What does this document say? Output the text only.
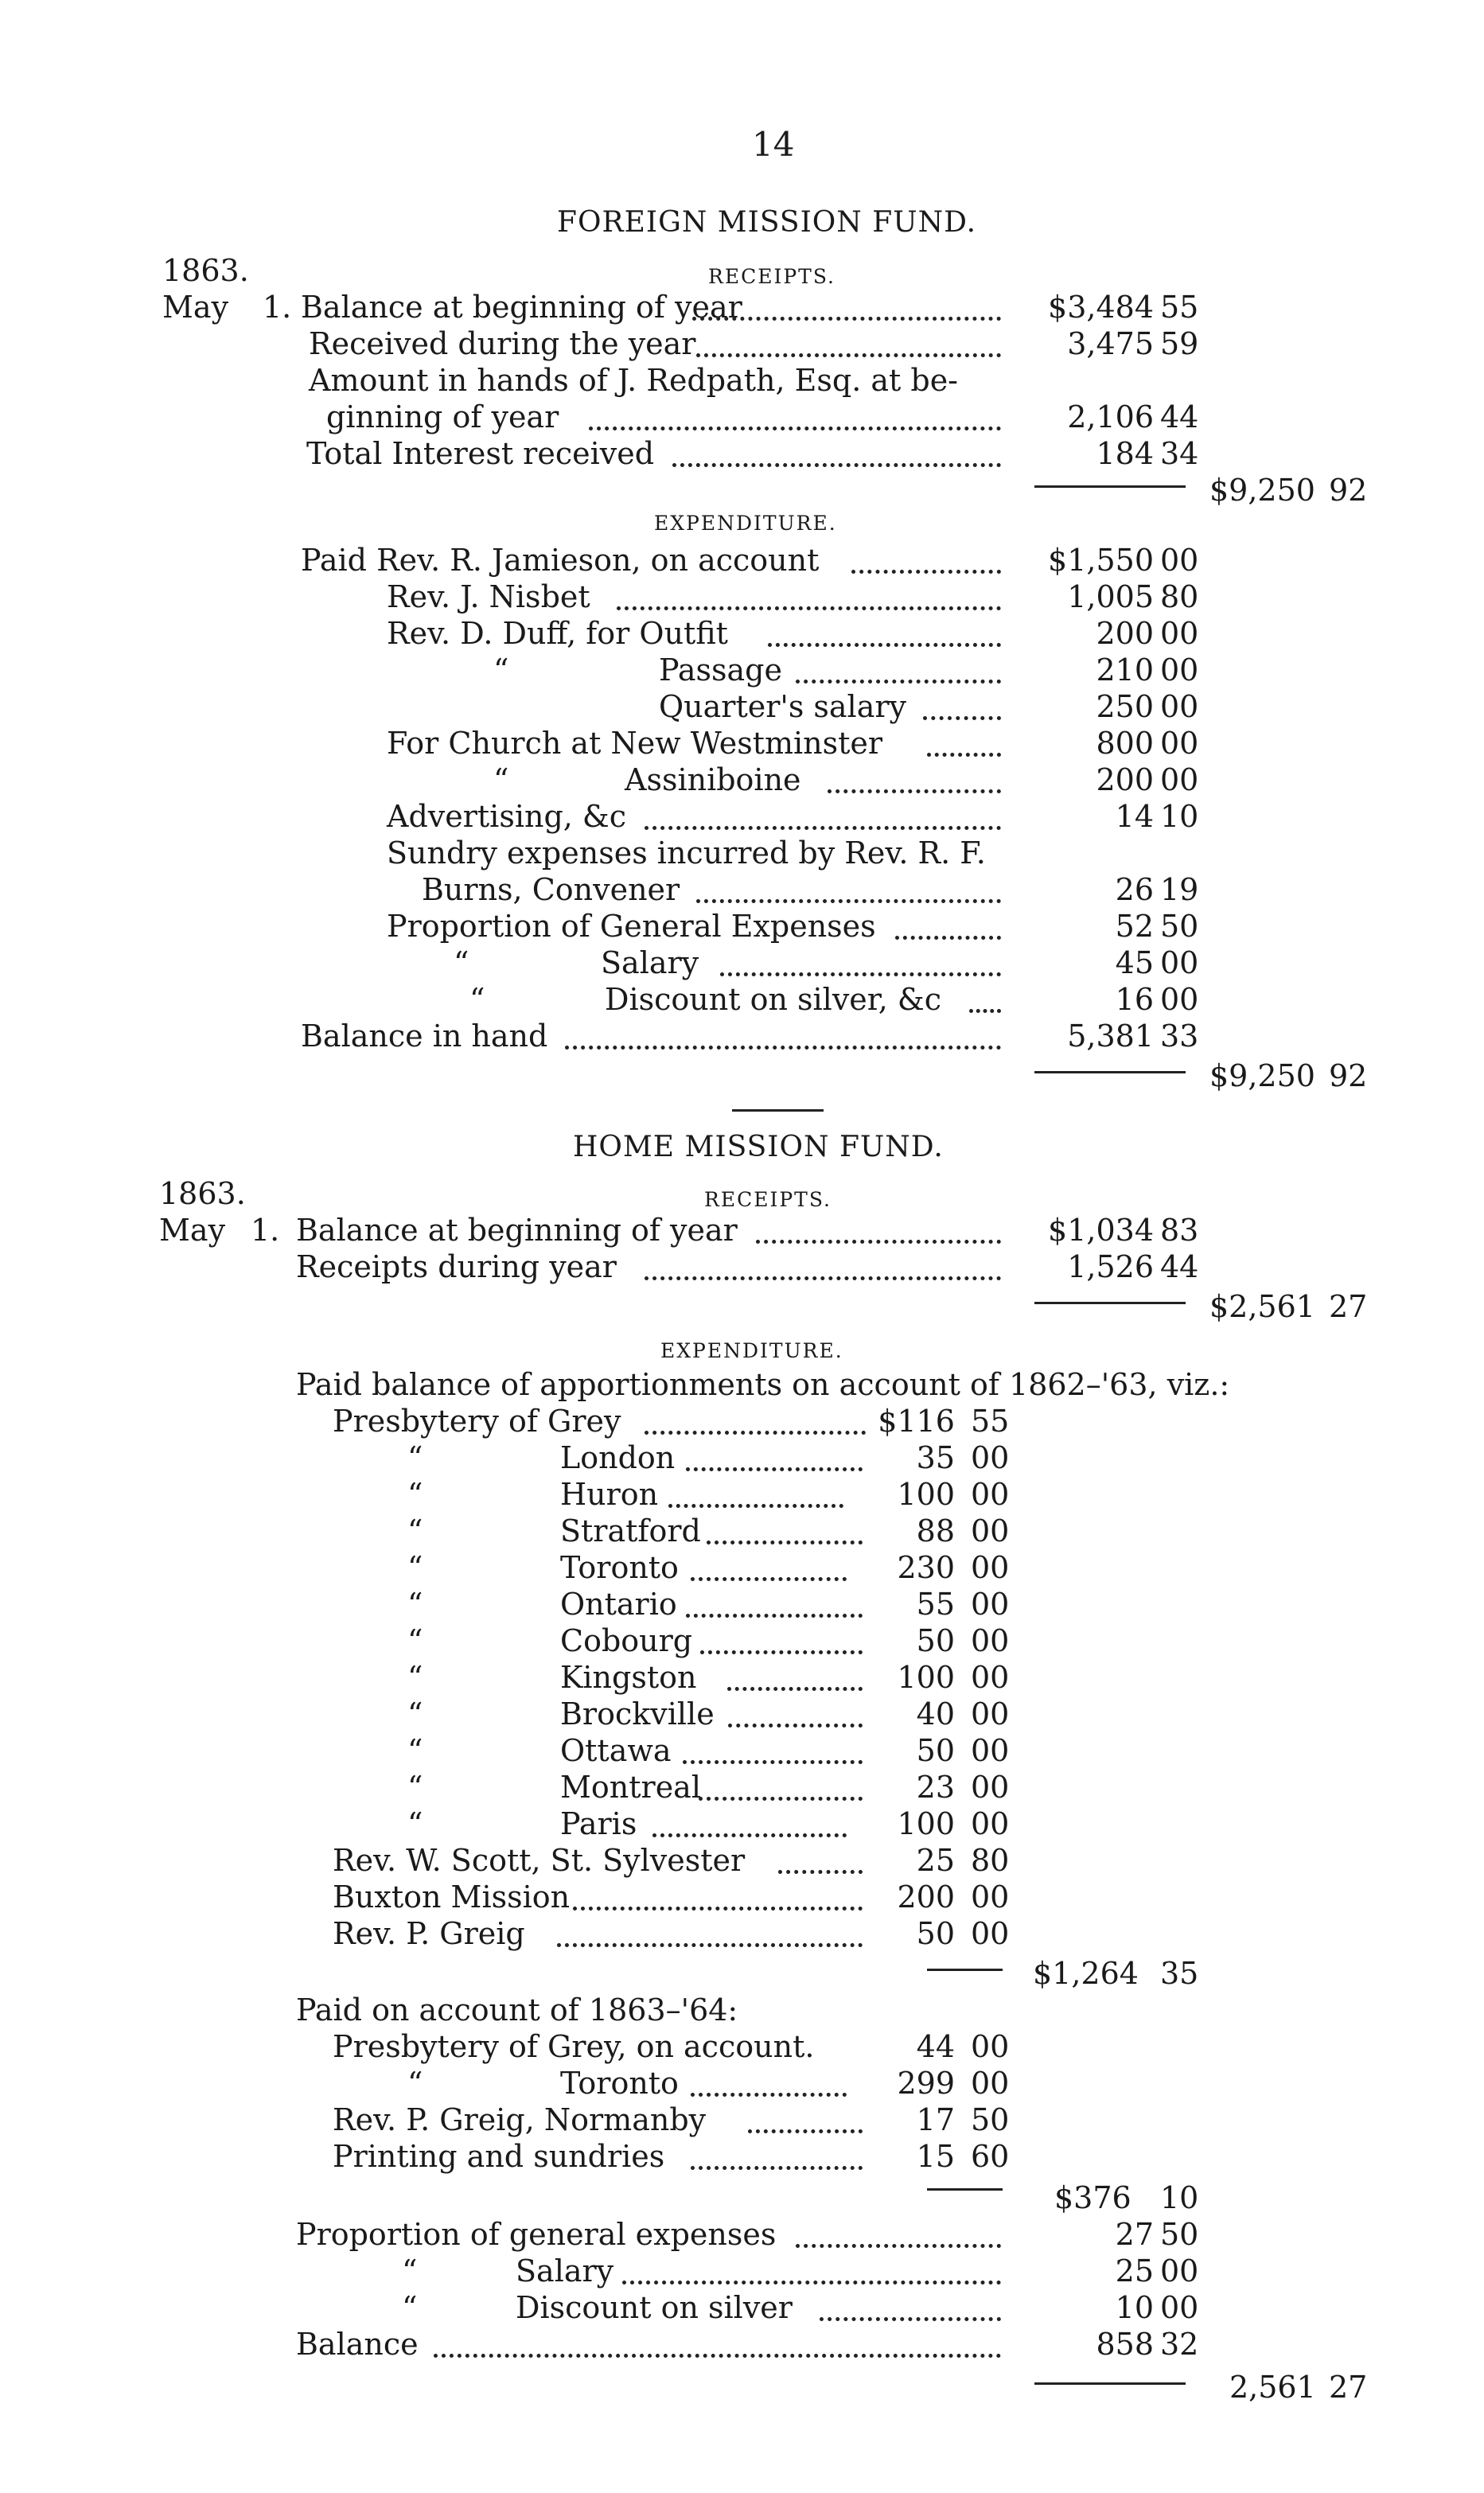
14
FOREIGN MISSION FUND.
1863.	RECEIPTS.
May 1. Balance at beginning of year	$3,484 55
Received during the year	3,475 59
Amount in hands of J. Redpath, Esq. at be-
ginning of year	2,106 44
Total Interest received	184 34
$9,250 92
EXPENDITURE.
Paid Rev. R. Jamieson, on account	$1,550 00
Rev. J. Nisbet	1,005 80
Rev. D. Duff, for Outfit	200 00
“	Passage	210 00
Quarter's salary	250 00
For Church at New Westminster	800 00
“	Assiniboine	200 00
Advertising, &c	14 10
Sundry expenses incurred by Rev. R. F.
Burns, Convener	26 19
Proportion of General Expenses	52 50
“	Salary	45 00
“	Discount on silver, &c	16 00
Balance in hand	5,381 33
$9,250 92
HOME MISSION FUND.
1863.	RECEIPTS.
May 1. Balance at beginning of year	$1,034 83
Receipts during year	1,526 44
$2,561 27
EXPENDITURE.
Paid balance of apportionments on account of 1862–'63, viz.:
Presbytery of Grey	$116 55
“	London	35 00
“	Huron	100 00
“	Stratford	88 00
“	Toronto	230 00
“	Ontario	55 00
“	Cobourg	50 00
“	Kingston	100 00
“	Brockville	40 00
“	Ottawa	50 00
“	Montreal	23 00
“	Paris	100 00
Rev. W. Scott, St. Sylvester	25 80
Buxton Mission	200 00
Rev. P. Greig	50 00
$1,264 35
Paid on account of 1863–'64:
Presbytery of Grey, on account.	44 00
“	Toronto	299 00
Rev. P. Greig, Normanby	17 50
Printing and sundries	15 60
$376 10
Proportion of general expenses	27 50
“	Salary	25 00
“	Discount on silver	10 00
Balance	858 32
2,561 27
